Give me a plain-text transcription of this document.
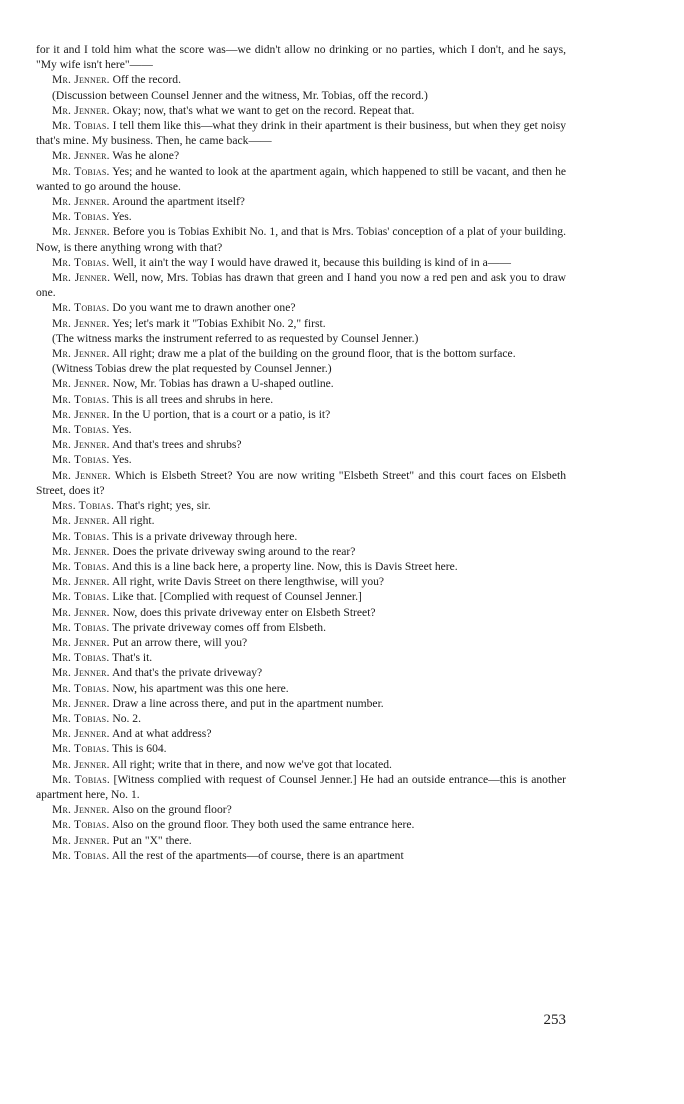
for it and I told him what the score was—we didn't allow no drinking or no parties, which I don't, and he says, "My wife isn't here"——

Mr. Jenner. Off the record.

(Discussion between Counsel Jenner and the witness, Mr. Tobias, off the record.)

Mr. Jenner. Okay; now, that's what we want to get on the record. Repeat that.

Mr. Tobias. I tell them like this—what they drink in their apartment is their business, but when they get noisy that's mine. My business. Then, he came back——

Mr. Jenner. Was he alone?

Mr. Tobias. Yes; and he wanted to look at the apartment again, which happened to still be vacant, and then he wanted to go around the house.

Mr. Jenner. Around the apartment itself?

Mr. Tobias. Yes.

Mr. Jenner. Before you is Tobias Exhibit No. 1, and that is Mrs. Tobias' conception of a plat of your building. Now, is there anything wrong with that?

Mr. Tobias. Well, it ain't the way I would have drawed it, because this building is kind of in a——

Mr. Jenner. Well, now, Mrs. Tobias has drawn that green and I hand you now a red pen and ask you to draw one.

Mr. Tobias. Do you want me to drawn another one?

Mr. Jenner. Yes; let's mark it "Tobias Exhibit No. 2," first.

(The witness marks the instrument referred to as requested by Counsel Jenner.)

Mr. Jenner. All right; draw me a plat of the building on the ground floor, that is the bottom surface.

(Witness Tobias drew the plat requested by Counsel Jenner.)

Mr. Jenner. Now, Mr. Tobias has drawn a U-shaped outline.

Mr. Tobias. This is all trees and shrubs in here.

Mr. Jenner. In the U portion, that is a court or a patio, is it?

Mr. Tobias. Yes.

Mr. Jenner. And that's trees and shrubs?

Mr. Tobias. Yes.

Mr. Jenner. Which is Elsbeth Street? You are now writing "Elsbeth Street" and this court faces on Elsbeth Street, does it?

Mrs. Tobias. That's right; yes, sir.

Mr. Jenner. All right.

Mr. Tobias. This is a private driveway through here.

Mr. Jenner. Does the private driveway swing around to the rear?

Mr. Tobias. And this is a line back here, a property line. Now, this is Davis Street here.

Mr. Jenner. All right, write Davis Street on there lengthwise, will you?

Mr. Tobias. Like that. [Complied with request of Counsel Jenner.]

Mr. Jenner. Now, does this private driveway enter on Elsbeth Street?

Mr. Tobias. The private driveway comes off from Elsbeth.

Mr. Jenner. Put an arrow there, will you?

Mr. Tobias. That's it.

Mr. Jenner. And that's the private driveway?

Mr. Tobias. Now, his apartment was this one here.

Mr. Jenner. Draw a line across there, and put in the apartment number.

Mr. Tobias. No. 2.

Mr. Jenner. And at what address?

Mr. Tobias. This is 604.

Mr. Jenner. All right; write that in there, and now we've got that located.

Mr. Tobias. [Witness complied with request of Counsel Jenner.] He had an outside entrance—this is another apartment here, No. 1.

Mr. Jenner. Also on the ground floor?

Mr. Tobias. Also on the ground floor. They both used the same entrance here.

Mr. Jenner. Put an "X" there.

Mr. Tobias. All the rest of the apartments—of course, there is an apartment

253
